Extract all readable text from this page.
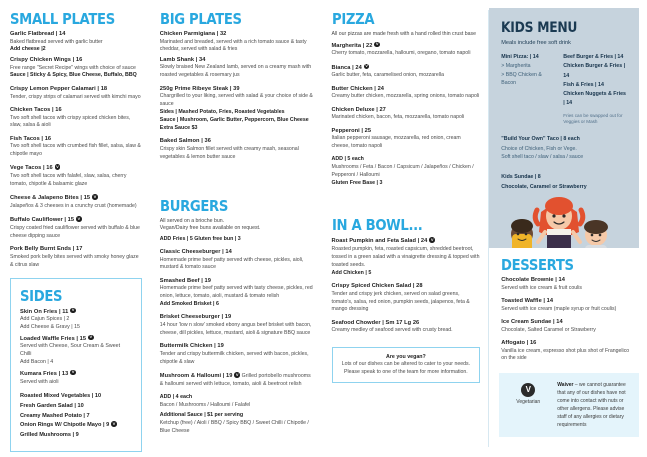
SMALL PLATES
Garlic Flatbread | 14
Baked flatbread served with garlic butter
Add cheese |2
Crispy Chicken Wings | 16
Free range "Secret Recipe" wings with choice of sauce
Sauce | Sticky & Spicy, Blue Cheese, Buffalo, BBQ
Crispy Lemon Pepper Calamari | 18
Tender, crispy strips of calamari served with kimchi mayo
Chicken Tacos | 16
Two soft shell tacos with crispy spiced chicken bites, slaw, salsa & aioli
Fish Tacos | 16
Two soft shell tacos with crumbed fish fillet, salsa, slaw & chipotle mayo
Vege Tacos | 16V
Two soft shell tacos with falafel, slaw, salsa, cherry tomato, chipotle & balsamic glaze
Cheese & Jalapeno Bites | 15V
Jalapeños & 3 cheeses in a crunchy crust (homemade)
Buffalo Cauliflower | 15V
Crispy coated fried cauliflower served with buffalo & blue cheese dipping sauce
Pork Belly Burnt Ends | 17
Smoked pork belly bites served with smoky honey glaze & citrus slaw
SIDES
Skin On Fries | 11V
Add Cajun Spices | 2
Add Cheese & Gravy | 15
Loaded Waffle Fries | 15V
Served with Cheese, Sour Cream & Sweet Chilli
Add Bacon | 4
Kumara Fries | 13V
Served with aioli
Roasted Mixed Vegetables | 10
Fresh Garden Salad | 10
Creamy Mashed Potato | 7
Onion Rings W/ Chipotle Mayo | 9V
Grilled Mushrooms | 9
BIG PLATES
Chicken Parmigiana | 32
Marinated and breaded, served with a rich tomato sauce & tasty cheddar, served with salad & fries
Lamb Shank | 34
Slowly braised New Zealand lamb, served on a creamy mash with roasted vegetables & rosemary jus
250g Prime Ribeye Steak | 39
Chargrilled to your liking, served with salad & your choice of side & sauce
Sides | Mashed Potato, Fries, Roasted Vegetables
Sauce | Mushroom, Garlic Butter, Peppercorn, Blue Cheese
Extra Sauce $3
Baked Salmon | 36
Crispy skin Salmon fillet served with creamy mash, seasonal vegetables & lemon butter sauce
BURGERS
All served on a brioche bun.
Vegan/Dairy free buns available on request.
ADD Fries | 5 Gluten free bun | 3
Classic Cheeseburger | 14
Homemade prime beef patty served with cheese, pickles, aioli, mustard & tomato sauce
Smashed Beef | 19
Homemade prime beef patty served with tasty cheese, pickles, red onion, lettuce, tomato, aioli, mustard & tomato relish
Add Smoked Brisket | 6
Brisket Cheeseburger | 19
14 hour 'low n slow' smoked ebony angus beef brisket with bacon, cheese, dill pickles, lettuce, mustard, aioli & signature BBQ sauce
Buttermilk Chicken | 19
Tender and crispy buttermilk chicken, served with bacon, pickles, chipotle & slaw
Mushroom & Halloumi | 19 V Grilled portobello mushrooms & halloumi served with lettuce, tomato, aioli & beetroot relish
ADD | 4 each
Bacon / Mushrooms / Halloumi / Falafel
Additional Sauce | $1 per serving
Ketchup (free) / Aioli / BBQ / Spicy BBQ / Sweet Chilli / Chipotle / Blue Cheese
PIZZA
All our pizzas are made fresh with a hand rolled thin crust base
Margherita | 22V
Cherry tomato, mozzarella, halloumi, oregano, tomato napoli
Bianca | 24V
Garlic butter, feta, caramelised onion, mozzarella
Butter Chicken | 24
Creamy butter chicken, mozzarella, spring onions, tomato napoli
Chicken Deluxe | 27
Marinated chicken, bacon, feta, mozzarella, tomato napoli
Pepperoni | 25
Italian pepperoni sausage, mozzarella, red onion, cream cheese, tomato napoli
ADD | 5 each
Mushrooms / Feta / Bacon / Capsicum / Jalapeños / Chicken / Pepperoni / Halloumi
Gluten Free Base | 3
IN A BOWL...
Roast Pumpkin and Feta Salad | 24V
Roasted pumpkin, feta, roasted capsicum, shredded beetroot, tossed in a green salad with a vinaigrette dressing & topped with toasted seeds.
Add Chicken | 5
Crispy Spiced Chicken Salad | 28
Tender and crispy jerk chicken, served on salad greens, tomato's, salsa, red onion, pumpkin seeds, jalapenos, feta & mango dressing
Seafood Chowder | Sm 17 Lg 26
Creamy medley of seafood served with crusty bread.
Are you vegan?
Lots of our dishes can be altered to cater to your needs.
Please speak to one of the team for more information.
KIDS MENU
Meals include free soft drink
Mini Pizza: | 14
> Margherita
> BBQ Chicken & Bacon
Beef Burger & Fries | 14
Chicken Burger & Fries | 14
Fish & Fries | 14
Chicken Nuggets & Fries | 14
Fries can be swapped out for Veggies or Mash
"Build Your Own" Taco | 8 each
Choice of Chicken, Fish or Vege.
Soft shell taco / slaw / salsa / sauce
Kids Sundae | 8
Chocolate, Caramel or Strawberry
DESSERTS
Chocolate Brownie | 14
Served with ice cream & fruit coulis
Toasted Waffle | 14
Served with ice cream (maple syrup or fruit coulis)
Ice Cream Sundae | 14
Chocolate, Salted Caramel or Strawberry
Affogato | 16
Vanilla ice cream, espresso shot plus shot of Frangelico on the side
V
Vegetarian
Waiver – we cannot guarantee that any of our dishes have not come into contact with nuts or other allergens. Please advise staff of any allergies or dietary requirements
